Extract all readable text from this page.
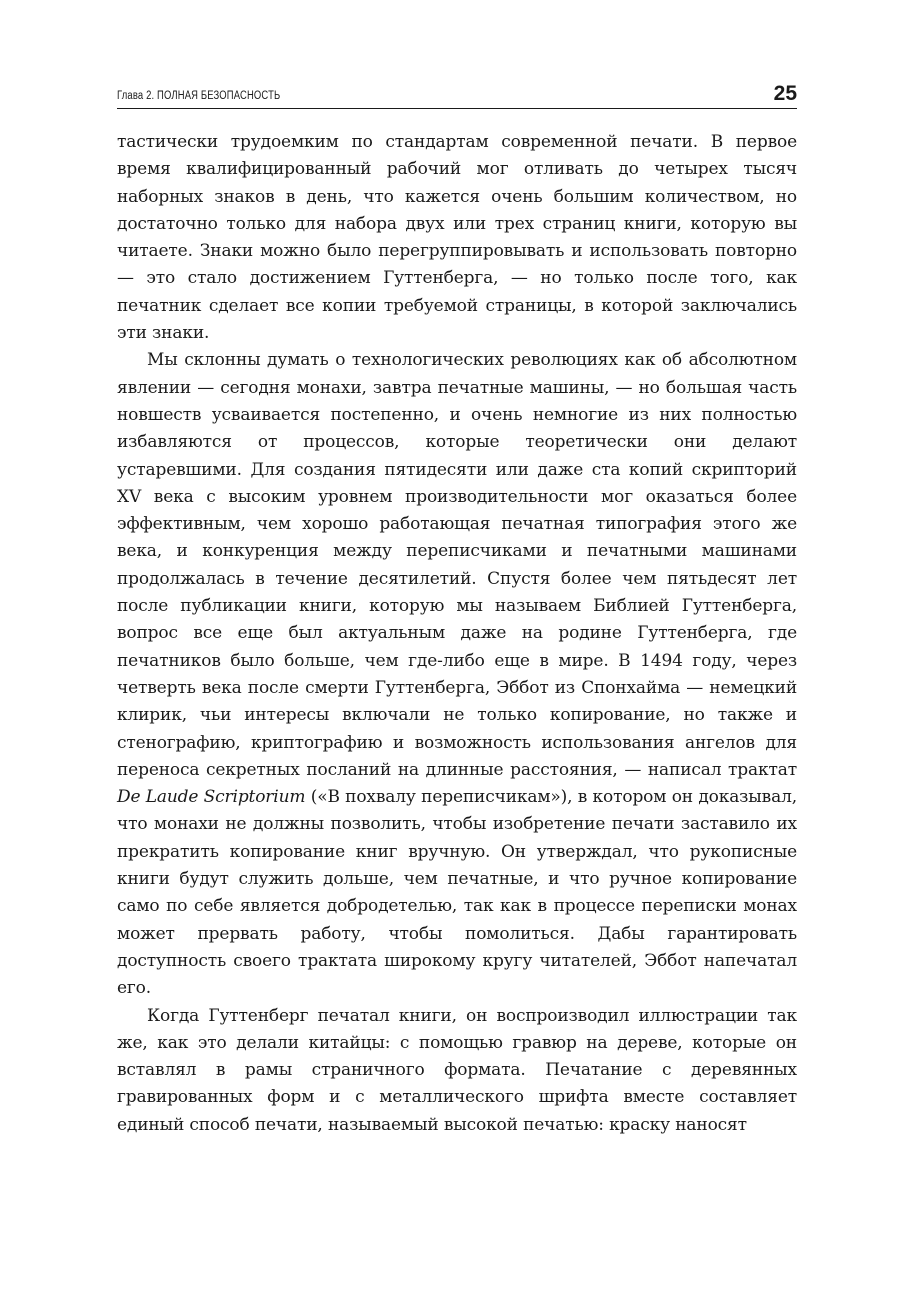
Глава 2. ПОЛНАЯ БЕЗОПАСНОСТЬ	25

тастически трудоемким по стандартам современной печати. В первое время квалифицированный рабочий мог отливать до четырех тысяч наборных знаков в день, что кажется очень большим количеством, но достаточно только для набора двух или трех страниц книги, которую вы читаете. Знаки можно было перегруппировывать и использовать повторно — это стало достижением Гуттенберга, — но только после того, как печатник сделает все копии требуемой страницы, в которой заключались эти знаки.

Мы склонны думать о технологических революциях как об абсолютном явлении — сегодня монахи, завтра печатные машины, — но большая часть новшеств усваивается постепенно, и очень немногие из них полностью избавляются от процессов, которые теоретически они делают устаревшими. Для создания пятидесяти или даже ста копий скрипторий XV века с высоким уровнем производительности мог оказаться более эффективным, чем хорошо работающая печатная типография этого же века, и конкуренция между переписчиками и печатными машинами продолжалась в течение десятилетий. Спустя более чем пятьдесят лет после публикации книги, которую мы называем Библией Гуттенберга, вопрос все еще был актуальным даже на родине Гуттенберга, где печатников было больше, чем где-либо еще в мире. В 1494 году, через четверть века после смерти Гуттенберга, Эббот из Спонхайма — немецкий клирик, чьи интересы включали не только копирование, но также и стенографию, криптографию и возможность использования ангелов для переноса секретных посланий на длинные расстояния, — написал трактат De Laude Scriptorium («В похвалу переписчикам»), в котором он доказывал, что монахи не должны позволить, чтобы изобретение печати заставило их прекратить копирование книг вручную. Он утверждал, что рукописные книги будут служить дольше, чем печатные, и что ручное копирование само по себе является добродетелью, так как в процессе переписки монах может прервать работу, чтобы помолиться. Дабы гарантировать доступность своего трактата широкому кругу читателей, Эббот напечатал его.

Когда Гуттенберг печатал книги, он воспроизводил иллюстрации так же, как это делали китайцы: с помощью гравюр на дереве, которые он вставлял в рамы страничного формата. Печатание с деревянных гравированных форм и с металлического шрифта вместе составляет единый способ печати, называемый высокой печатью: краску наносят
